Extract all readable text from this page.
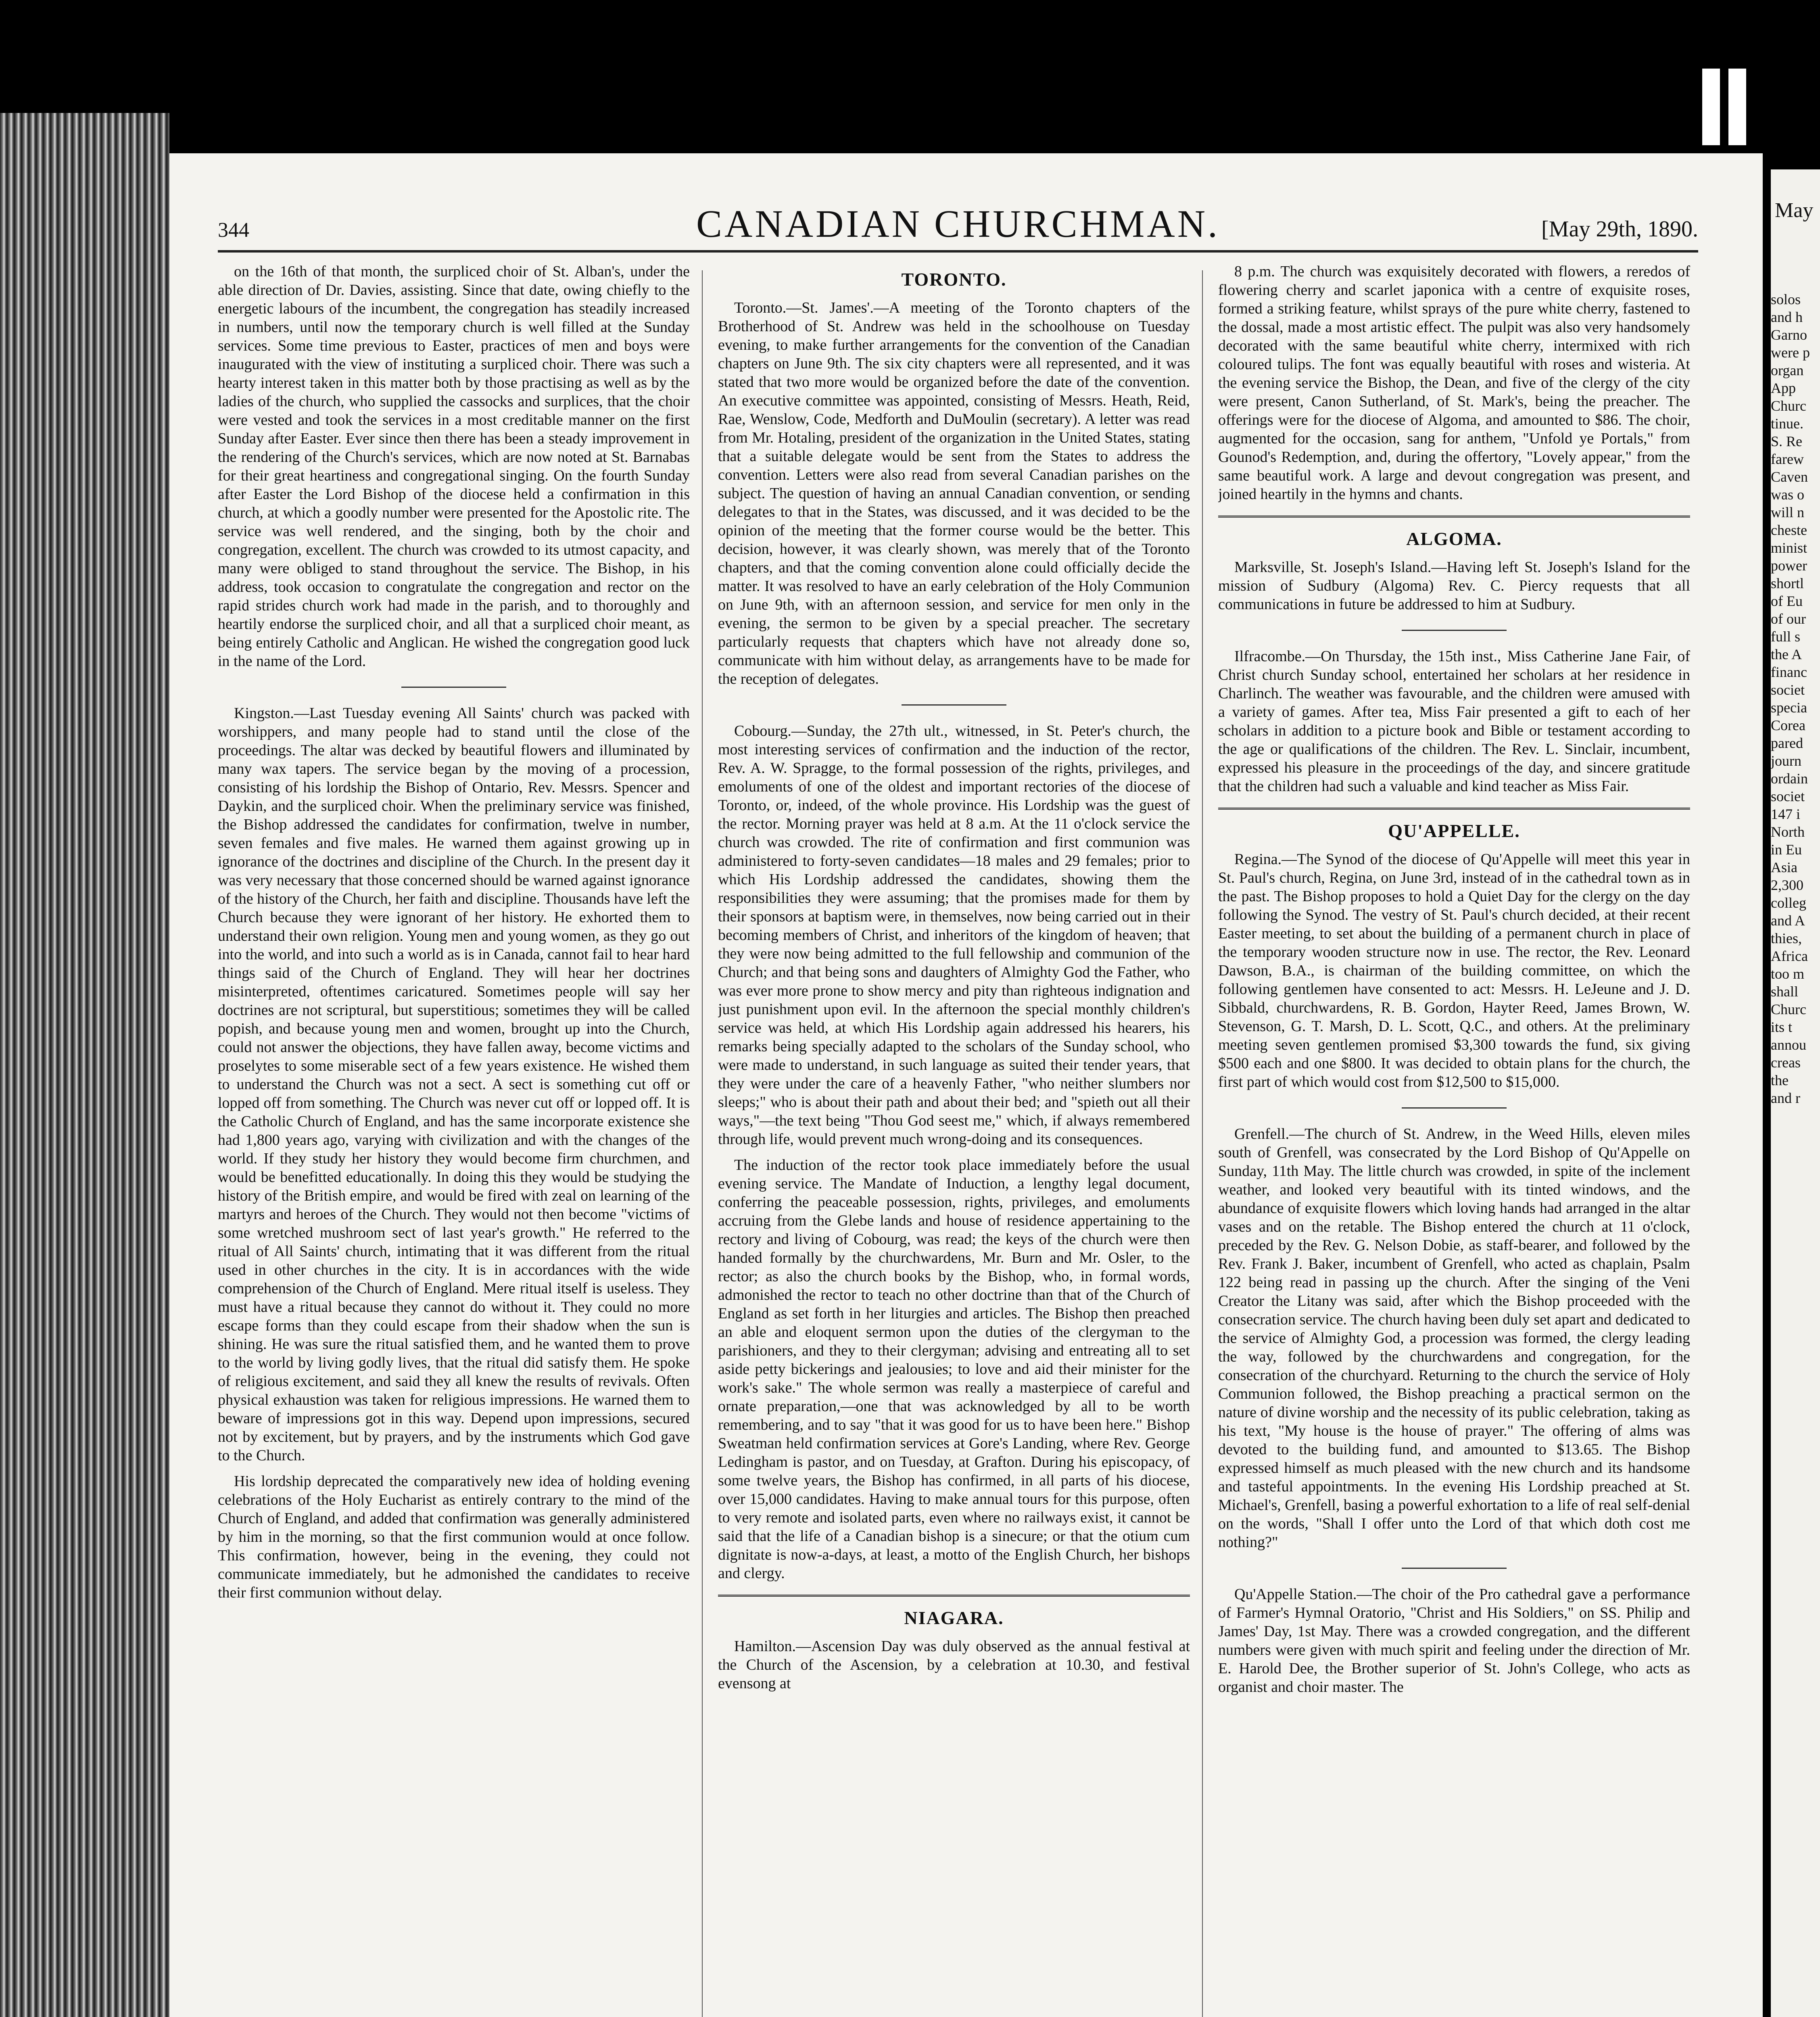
344	CANADIAN CHURCHMAN.	[May 29th, 1890.

on the 16th of that month, the surpliced choir of St. Alban's, under the able direction of Dr. Davies, assisting. Since that date, owing chiefly to the energetic labours of the incumbent, the congregation has steadily increased in numbers, until now the temporary church is well filled at the Sunday services. Some time previous to Easter, practices of men and boys were inaugurated with the view of instituting a surpliced choir. There was such a hearty interest taken in this matter both by those practising as well as by the ladies of the church, who supplied the cassocks and surplices, that the choir were vested and took the services in a most creditable manner on the first Sunday after Easter. Ever since then there has been a steady improvement in the rendering of the Church's services, which are now noted at St. Barnabas for their great heartiness and congregational singing. On the fourth Sunday after Easter the Lord Bishop of the diocese held a confirmation in this church, at which a goodly number were presented for the Apostolic rite. The service was well rendered, and the singing, both by the choir and congregation, excellent. The church was crowded to its utmost capacity, and many were obliged to stand throughout the service. The Bishop, in his address, took occasion to congratulate the congregation and rector on the rapid strides church work had made in the parish, and to thoroughly and heartily endorse the surpliced choir, and all that a surpliced choir meant, as being entirely Catholic and Anglican. He wished the congregation good luck in the name of the Lord.

Kingston.—Last Tuesday evening All Saints' church was packed with worshippers, and many people had to stand until the close of the proceedings. The altar was decked by beautiful flowers and illuminated by many wax tapers. The service began by the moving of a procession, consisting of his lordship the Bishop of Ontario, Rev. Messrs. Spencer and Daykin, and the surpliced choir. When the preliminary service was finished, the Bishop addressed the candidates for confirmation, twelve in number, seven females and five males. He warned them against growing up in ignorance of the doctrines and discipline of the Church. In the present day it was very necessary that those concerned should be warned against ignorance of the history of the Church, her faith and discipline. Thousands have left the Church because they were ignorant of her history. He exhorted them to understand their own religion. Young men and young women, as they go out into the world, and into such a world as is in Canada, cannot fail to hear hard things said of the Church of England. They will hear her doctrines misinterpreted, oftentimes caricatured. Sometimes people will say her doctrines are not scriptural, but superstitious; sometimes they will be called popish, and because young men and women, brought up into the Church, could not answer the objections, they have fallen away, become victims and proselytes to some miserable sect of a few years existence. He wished them to understand the Church was not a sect. A sect is something cut off or lopped off from something. The Church was never cut off or lopped off. It is the Catholic Church of England, and has the same incorporate existence she had 1,800 years ago, varying with civilization and with the changes of the world. If they study her history they would become firm churchmen, and would be benefitted educationally. In doing this they would be studying the history of the British empire, and would be fired with zeal on learning of the martyrs and heroes of the Church. They would not then become "victims of some wretched mushroom sect of last year's growth." He referred to the ritual of All Saints' church, intimating that it was different from the ritual used in other churches in the city. It is in accordances with the wide comprehension of the Church of England. Mere ritual itself is useless. They must have a ritual because they cannot do without it. They could no more escape forms than they could escape from their shadow when the sun is shining. He was sure the ritual satisfied them, and he wanted them to prove to the world by living godly lives, that the ritual did satisfy them. He spoke of religious excitement, and said they all knew the results of revivals. Often physical exhaustion was taken for religious impressions. He warned them to beware of impressions got in this way. Depend upon impressions, secured not by excitement, but by prayers, and by the instruments which God gave to the Church.

His lordship deprecated the comparatively new idea of holding evening celebrations of the Holy Eucharist as entirely contrary to the mind of the Church of England, and added that confirmation was generally administered by him in the morning, so that the first communion would at once follow. This confirmation, however, being in the evening, they could not communicate immediately, but he admonished the candidates to receive their first communion without delay.

TORONTO.

Toronto.—St. James'.—A meeting of the Toronto chapters of the Brotherhood of St. Andrew was held in the schoolhouse on Tuesday evening, to make further arrangements for the convention of the Canadian chapters on June 9th. The six city chapters were all represented, and it was stated that two more would be organized before the date of the convention. An executive committee was appointed, consisting of Messrs. Heath, Reid, Rae, Wenslow, Code, Medforth and DuMoulin (secretary). A letter was read from Mr. Hotaling, president of the organization in the United States, stating that a suitable delegate would be sent from the States to address the convention. Letters were also read from several Canadian parishes on the subject. The question of having an annual Canadian convention, or sending delegates to that in the States, was discussed, and it was decided to be the opinion of the meeting that the former course would be the better. This decision, however, it was clearly shown, was merely that of the Toronto chapters, and that the coming convention alone could officially decide the matter. It was resolved to have an early celebration of the Holy Communion on June 9th, with an afternoon session, and service for men only in the evening, the sermon to be given by a special preacher. The secretary particularly requests that chapters which have not already done so, communicate with him without delay, as arrangements have to be made for the reception of delegates.

Cobourg.—Sunday, the 27th ult., witnessed, in St. Peter's church, the most interesting services of confirmation and the induction of the rector, Rev. A. W. Spragge, to the formal possession of the rights, privileges, and emoluments of one of the oldest and important rectories of the diocese of Toronto, or, indeed, of the whole province. His Lordship was the guest of the rector. Morning prayer was held at 8 a.m. At the 11 o'clock service the church was crowded. The rite of confirmation and first communion was administered to forty-seven candidates—18 males and 29 females; prior to which His Lordship addressed the candidates, showing them the responsibilities they were assuming; that the promises made for them by their sponsors at baptism were, in themselves, now being carried out in their becoming members of Christ, and inheritors of the kingdom of heaven; that they were now being admitted to the full fellowship and communion of the Church; and that being sons and daughters of Almighty God the Father, who was ever more prone to show mercy and pity than righteous indignation and just punishment upon evil. In the afternoon the special monthly children's service was held, at which His Lordship again addressed his hearers, his remarks being specially adapted to the scholars of the Sunday school, who were made to understand, in such language as suited their tender years, that they were under the care of a heavenly Father, "who neither slumbers nor sleeps;" who is about their path and about their bed; and "spieth out all their ways,"—the text being "Thou God seest me," which, if always remembered through life, would prevent much wrong-doing and its consequences.

The induction of the rector took place immediately before the usual evening service. The Mandate of Induction, a lengthy legal document, conferring the peaceable possession, rights, privileges, and emoluments accruing from the Glebe lands and house of residence appertaining to the rectory and living of Cobourg, was read; the keys of the church were then handed formally by the churchwardens, Mr. Burn and Mr. Osler, to the rector; as also the church books by the Bishop, who, in formal words, admonished the rector to teach no other doctrine than that of the Church of England as set forth in her liturgies and articles. The Bishop then preached an able and eloquent sermon upon the duties of the clergyman to the parishioners, and they to their clergyman; advising and entreating all to set aside petty bickerings and jealousies; to love and aid their minister for the work's sake." The whole sermon was really a masterpiece of careful and ornate preparation,—one that was acknowledged by all to be worth remembering, and to say "that it was good for us to have been here." Bishop Sweatman held confirmation services at Gore's Landing, where Rev. George Ledingham is pastor, and on Tuesday, at Grafton. During his episcopacy, of some twelve years, the Bishop has confirmed, in all parts of his diocese, over 15,000 candidates. Having to make annual tours for this purpose, often to very remote and isolated parts, even where no railways exist, it cannot be said that the life of a Canadian bishop is a sinecure; or that the otium cum dignitate is now-a-days, at least, a motto of the English Church, her bishops and clergy.

NIAGARA.

Hamilton.—Ascension Day was duly observed as the annual festival at the Church of the Ascension, by a celebration at 10.30, and festival evensong at

8 p.m. The church was exquisitely decorated with flowers, a reredos of flowering cherry and scarlet japonica with a centre of exquisite roses, formed a striking feature, whilst sprays of the pure white cherry, fastened to the dossal, made a most artistic effect. The pulpit was also very handsomely decorated with the same beautiful white cherry, intermixed with rich coloured tulips. The font was equally beautiful with roses and wisteria. At the evening service the Bishop, the Dean, and five of the clergy of the city were present, Canon Sutherland, of St. Mark's, being the preacher. The offerings were for the diocese of Algoma, and amounted to $86. The choir, augmented for the occasion, sang for anthem, "Unfold ye Portals," from Gounod's Redemption, and, during the offertory, "Lovely appear," from the same beautiful work. A large and devout congregation was present, and joined heartily in the hymns and chants.

ALGOMA.

Marksville, St. Joseph's Island.—Having left St. Joseph's Island for the mission of Sudbury (Algoma) Rev. C. Piercy requests that all communications in future be addressed to him at Sudbury.

Ilfracombe.—On Thursday, the 15th inst., Miss Catherine Jane Fair, of Christ church Sunday school, entertained her scholars at her residence in Charlinch. The weather was favourable, and the children were amused with a variety of games. After tea, Miss Fair presented a gift to each of her scholars in addition to a picture book and Bible or testament according to the age or qualifications of the children. The Rev. L. Sinclair, incumbent, expressed his pleasure in the proceedings of the day, and sincere gratitude that the children had such a valuable and kind teacher as Miss Fair.

QU'APPELLE.

Regina.—The Synod of the diocese of Qu'Appelle will meet this year in St. Paul's church, Regina, on June 3rd, instead of in the cathedral town as in the past. The Bishop proposes to hold a Quiet Day for the clergy on the day following the Synod. The vestry of St. Paul's church decided, at their recent Easter meeting, to set about the building of a permanent church in place of the temporary wooden structure now in use. The rector, the Rev. Leonard Dawson, B.A., is chairman of the building committee, on which the following gentlemen have consented to act: Messrs. H. LeJeune and J. D. Sibbald, churchwardens, R. B. Gordon, Hayter Reed, James Brown, W. Stevenson, G. T. Marsh, D. L. Scott, Q.C., and others. At the preliminary meeting seven gentlemen promised $3,300 towards the fund, six giving $500 each and one $800. It was decided to obtain plans for the church, the first part of which would cost from $12,500 to $15,000.

Grenfell.—The church of St. Andrew, in the Weed Hills, eleven miles south of Grenfell, was consecrated by the Lord Bishop of Qu'Appelle on Sunday, 11th May. The little church was crowded, in spite of the inclement weather, and looked very beautiful with its tinted windows, and the abundance of exquisite flowers which loving hands had arranged in the altar vases and on the retable. The Bishop entered the church at 11 o'clock, preceded by the Rev. G. Nelson Dobie, as staff-bearer, and followed by the Rev. Frank J. Baker, incumbent of Grenfell, who acted as chaplain, Psalm 122 being read in passing up the church. After the singing of the Veni Creator the Litany was said, after which the Bishop proceeded with the consecration service. The church having been duly set apart and dedicated to the service of Almighty God, a procession was formed, the clergy leading the way, followed by the churchwardens and congregation, for the consecration of the churchyard. Returning to the church the service of Holy Communion followed, the Bishop preaching a practical sermon on the nature of divine worship and the necessity of its public celebration, taking as his text, "My house is the house of prayer." The offering of alms was devoted to the building fund, and amounted to $13.65. The Bishop expressed himself as much pleased with the new church and its handsome and tasteful appointments. In the evening His Lordship preached at St. Michael's, Grenfell, basing a powerful exhortation to a life of real self-denial on the words, "Shall I offer unto the Lord of that which doth cost me nothing?"

Qu'Appelle Station.—The choir of the Pro cathedral gave a performance of Farmer's Hymnal Oratorio, "Christ and His Soldiers," on SS. Philip and James' Day, 1st May. There was a crowded congregation, and the different numbers were given with much spirit and feeling under the direction of Mr. E. Harold Dee, the Brother superior of St. John's College, who acts as organist and choir master. The

May
solos
and h
Garno
were p
organ
App
Churc
tinue.
S. Re
farew
Caven
was o
will n
cheste
minist
power
shortl
of Eu
of our
full s
the A
financ
societ
specia
Corea
pared
journ
ordain
societ
147 i
North
in Eu
Asia
2,300
colleg
and A
thies,
Africa
too m
shall
Churc
its t
annou
creas
the
and r
